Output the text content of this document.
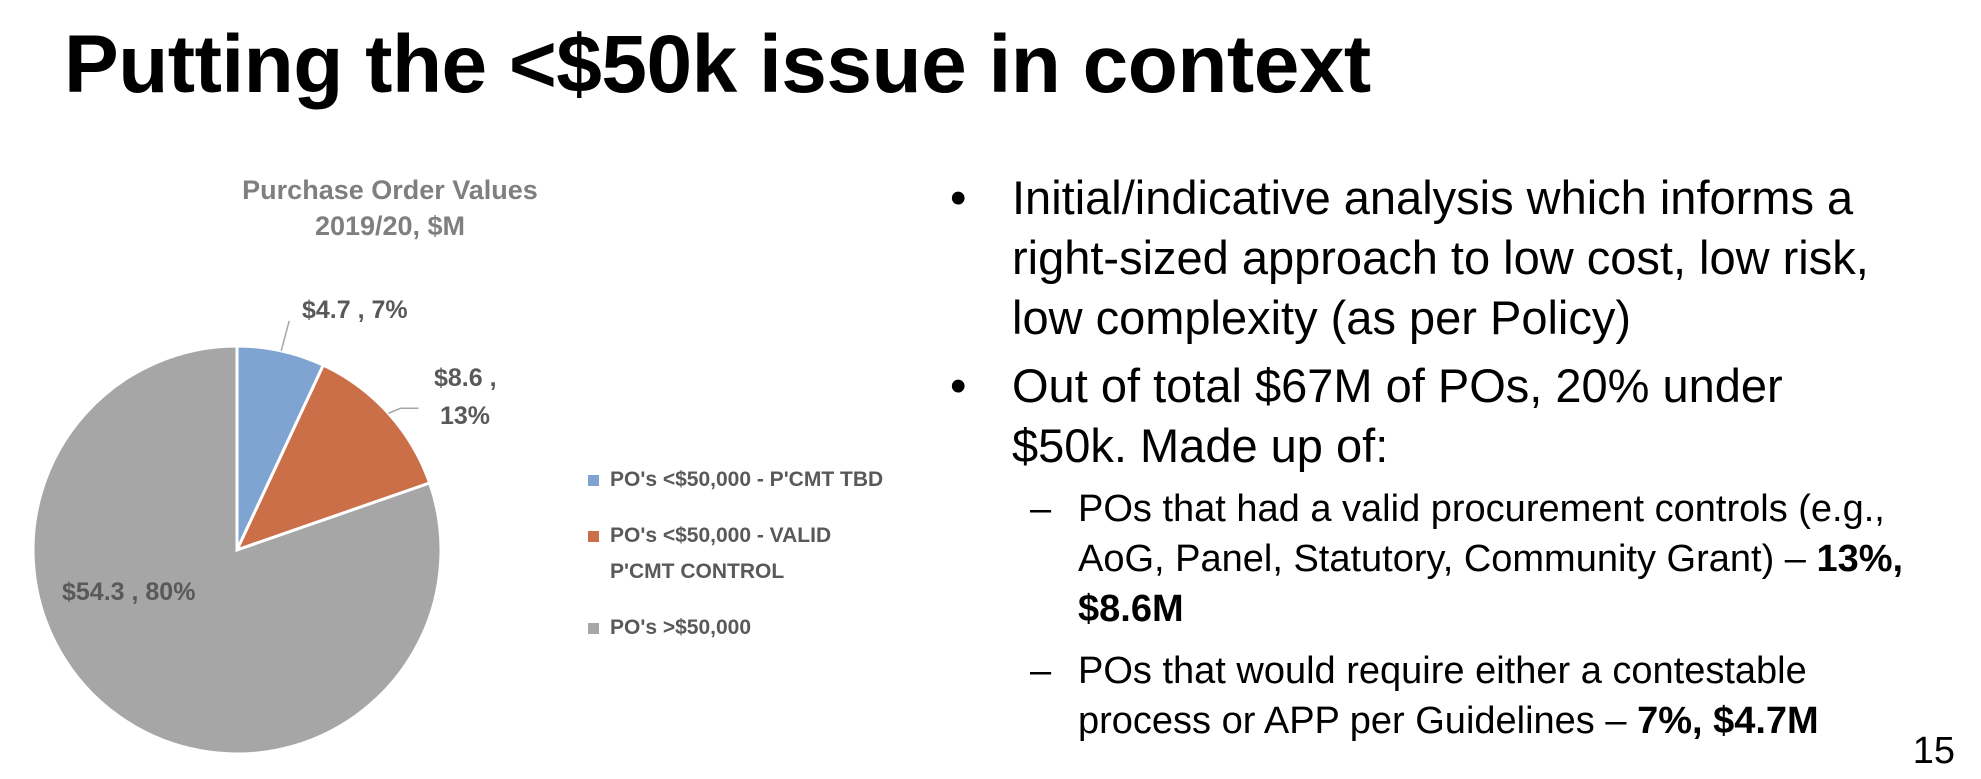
Putting the <$50k issue in context
Purchase Order Values
2019/20, $M
$4.7 , 7%
$8.6 ,
13%
$54.3 , 80%
PO's <$50,000 - P'CMT TBD
PO's <$50,000 - VALID P'CMT CONTROL
PO's >$50,000
• Initial/indicative analysis which informs a right-sized approach to low cost, low risk, low complexity (as per Policy)
• Out of total $67M of POs, 20% under $50k. Made up of:
– POs that had a valid procurement controls (e.g., AoG, Panel, Statutory, Community Grant) – 13%, $8.6M
– POs that would require either a contestable process or APP per Guidelines – 7%, $4.7M
15
